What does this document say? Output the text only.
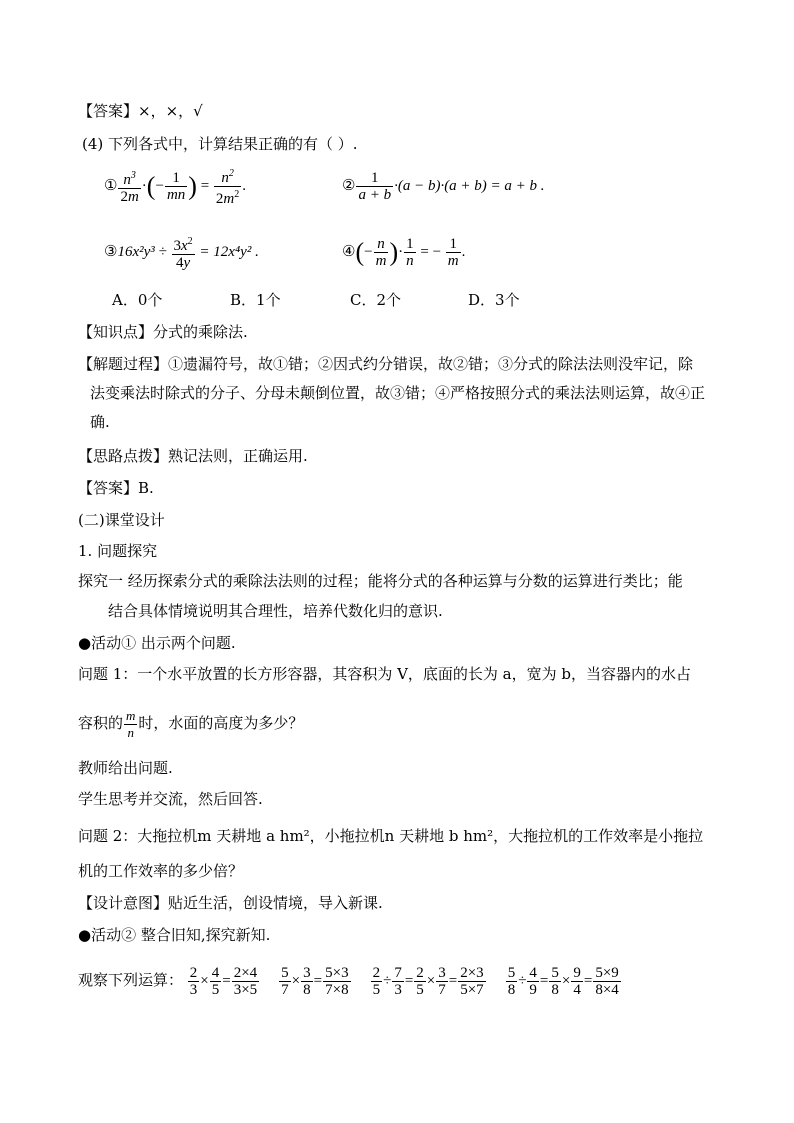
【答案】×，×，√
(4) 下列各式中，计算结果正确的有（ ）.
① $\frac{n^3}{2m}$ ·(− $\frac{1}{mn}$ ) = $\frac{n^2}{2m^2}$ .	② $\frac{1}{a + b} \cdot(a - b)\cdot(a + b) = a + b$ .
③16x²y³ ÷ $\frac{3x^2}{4y} = 12x^4y^2$ .	④(− $\frac{n}{m}$ )· $\frac{1}{n}$ = − $\frac{1}{m}$ .
A．0个	B．1个	C．2个	D．3个
【知识点】分式的乘除法.
【解题过程】①遗漏符号，故①错；②因式约分错误，故②错；③分式的除法法则没牢记，除
法变乘法时除式的分子、分母未颠倒位置，故③错；④严格按照分式的乘法法则运算，故④正
确.
【思路点拨】熟记法则，正确运用.
【答案】B.
(二)课堂设计
1. 问题探究
探究一 经历探索分式的乘除法法则的过程；能将分式的各种运算与分数的运算进行类比；能
结合具体情境说明其合理性，培养代数化归的意识.
●活动① 出示两个问题.
问题 1：一个水平放置的长方形容器，其容积为 V，底面的长为 a，宽为 b，当容器内的水占
容积的 $\frac{m}{n}$ 时，水面的高度为多少？
教师给出问题.
学生思考并交流，然后回答.
问题 2：大拖拉机m 天耕地 a hm²，小拖拉机n 天耕地 b hm²，大拖拉机的工作效率是小拖拉
机的工作效率的多少倍？
【设计意图】贴近生活，创设情境，导入新课.
●活动② 整合旧知,探究新知.
观察下列运算： $\frac{2}{3} \times \frac{4}{5} = \frac{2\times 4}{3\times 5} \frac{5}{7} \times \frac{3}{8} = \frac{5\times 3}{7\times 8} \frac{2}{5} \div \frac{7}{3} = \frac{2}{5} \times \frac{3}{7} = \frac{2\times 3}{5\times 7} \frac{5}{8} \div \frac{4}{9} = \frac{5}{8} \times \frac{9}{4} = \frac{5\times 9}{8\times 4}$
